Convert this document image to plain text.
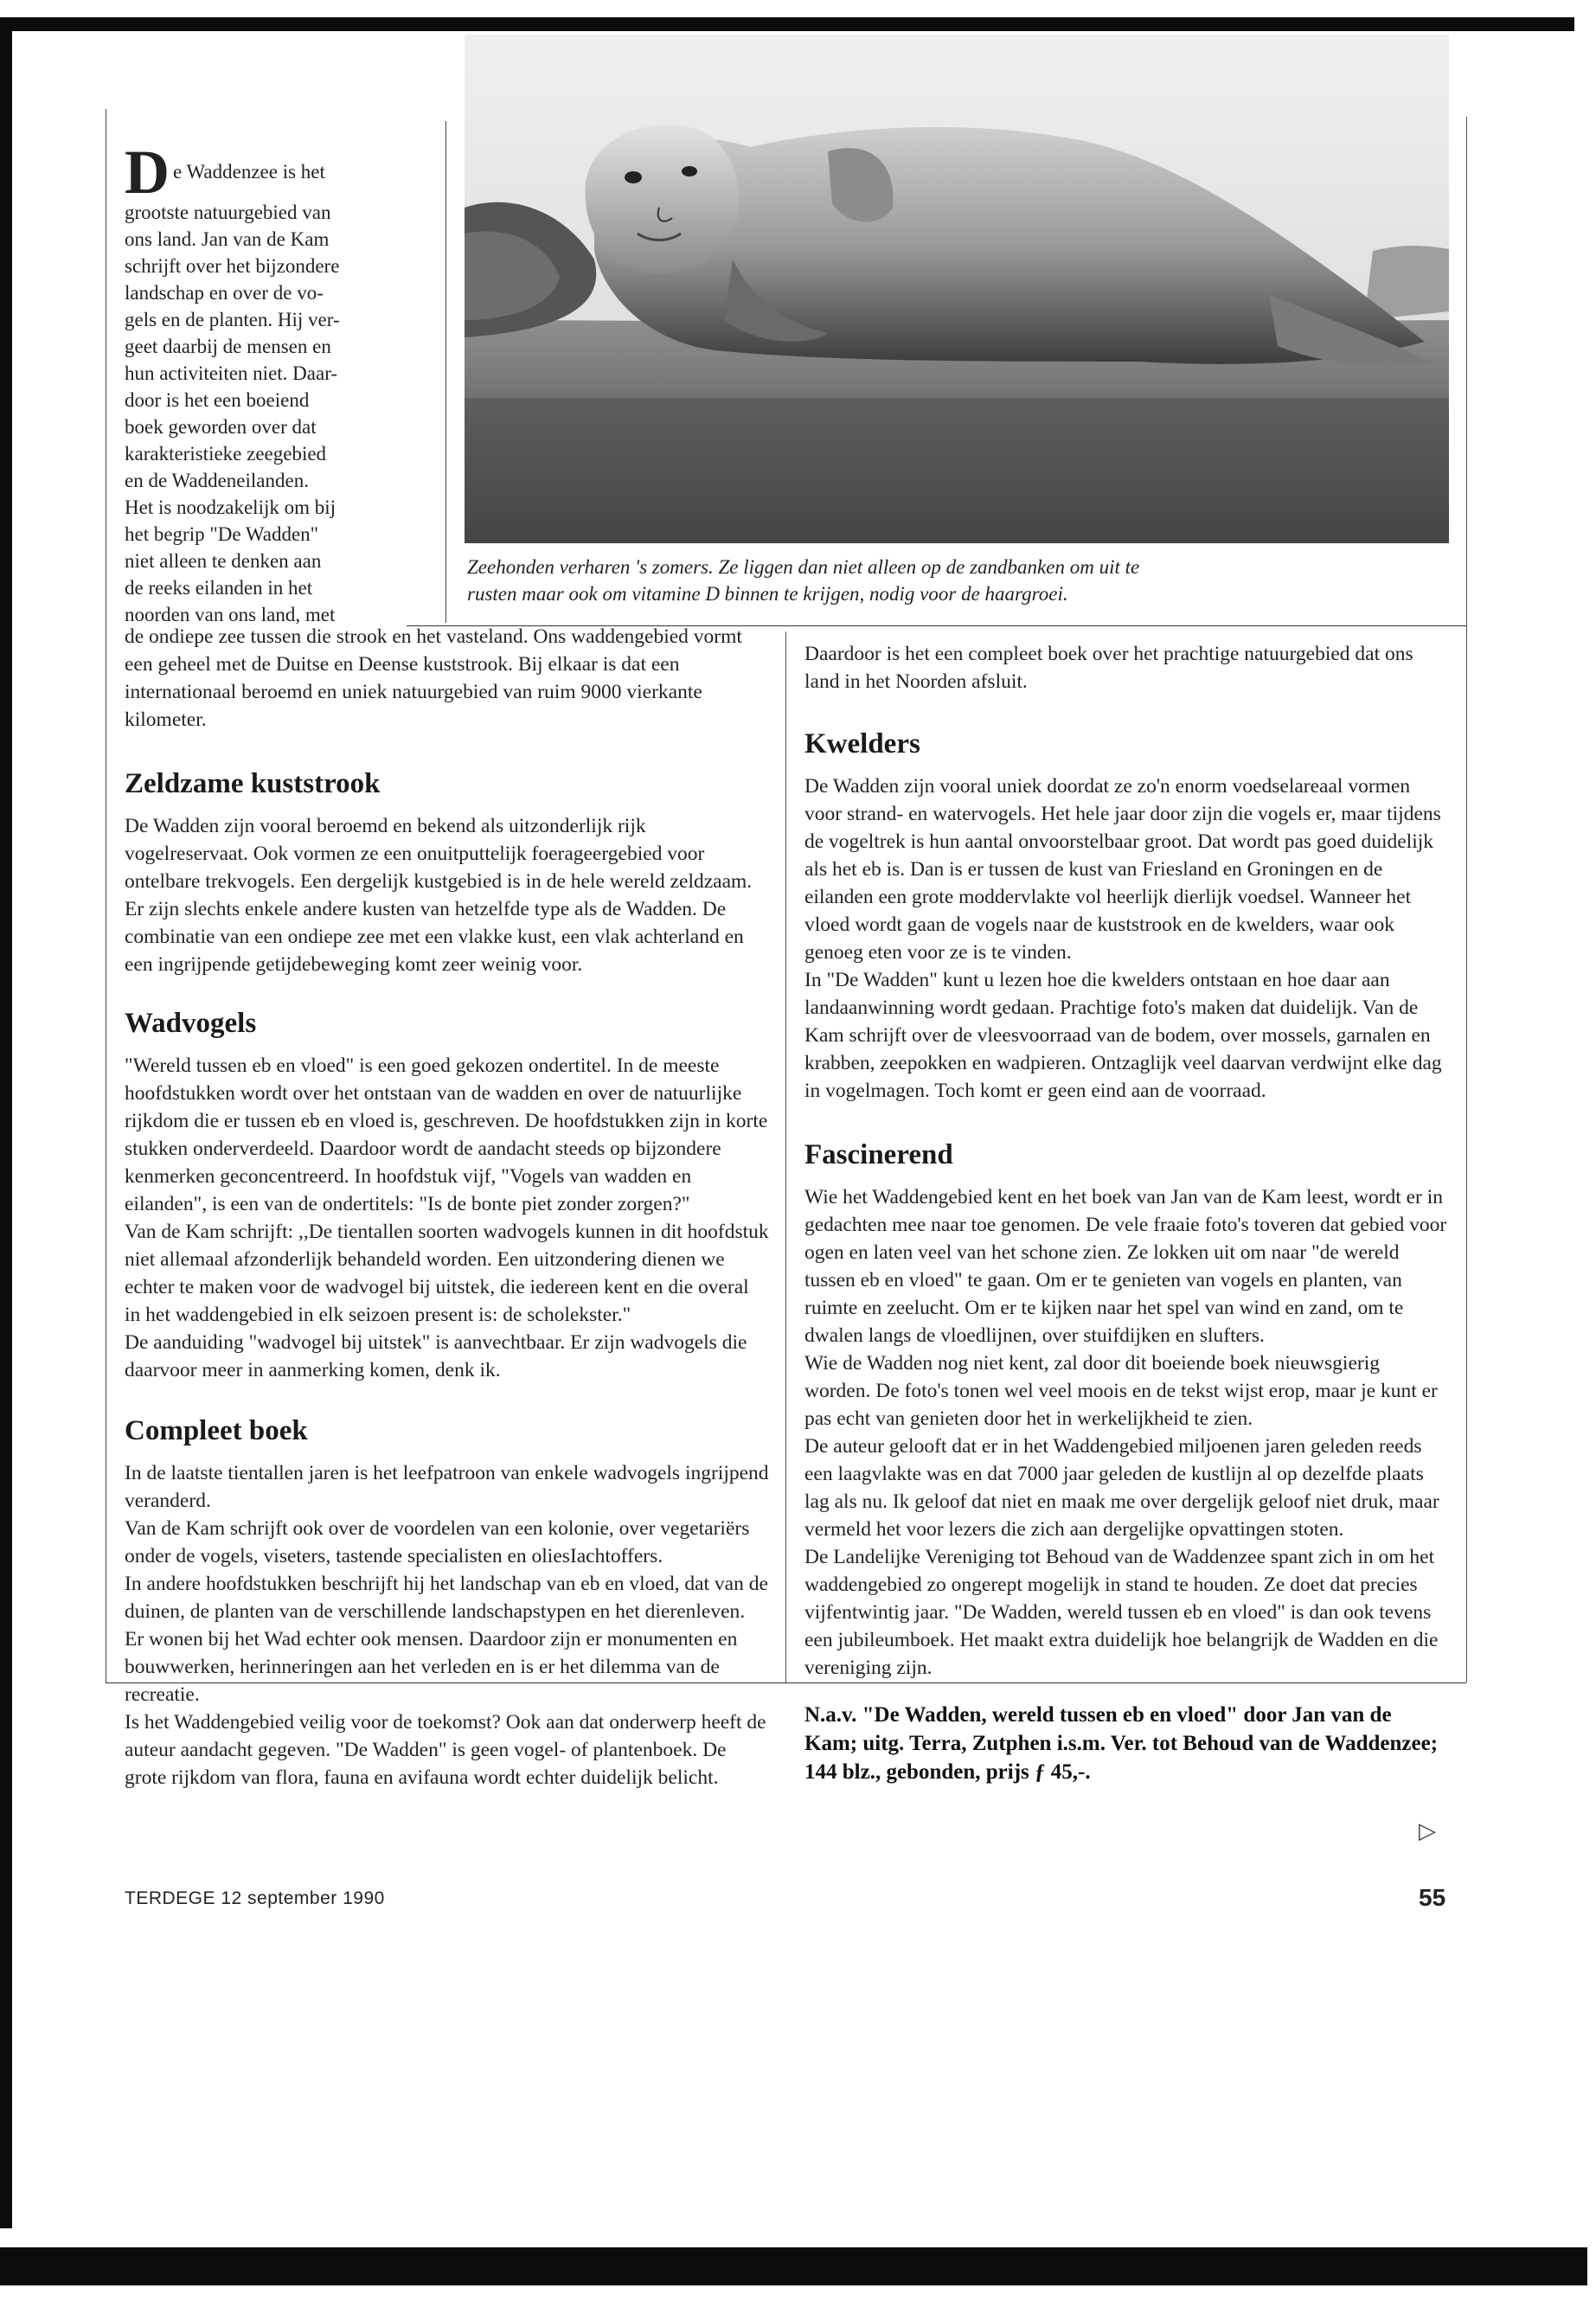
Zeehonden verharen 's zomers. Ze liggen dan niet alleen op de zandbanken om uit te
rusten maar ook om vitamine D binnen te krijgen, nodig voor de haargroei.
D e Waddenzee is het
grootste natuurgebied van
ons land. Jan van de Kam
schrijft over het bijzondere
landschap en over de vo-
gels en de planten. Hij ver-
geet daarbij de mensen en
hun activiteiten niet. Daar-
door is het een boeiend
boek geworden over dat
karakteristieke zeegebied
en de Waddeneilanden.
Het is noodzakelijk om bij
het begrip "De Wadden"
niet alleen te denken aan
de reeks eilanden in het
noorden van ons land, met

de ondiepe zee tussen die strook en het vasteland. Ons waddengebied vormt een geheel met de Duitse en Deense kuststrook. Bij elkaar is dat een internationaal beroemd en uniek natuurgebied van ruim 9000 vierkante kilometer.

Zeldzame kuststrook

De Wadden zijn vooral beroemd en bekend als uitzonderlijk rijk vogelreservaat. Ook vormen ze een onuitputtelijk foerageergebied voor ontelbare trekvogels. Een dergelijk kustgebied is in de hele wereld zeldzaam. Er zijn slechts enkele andere kusten van hetzelfde type als de Wadden. De combinatie van een ondiepe zee met een vlakke kust, een vlak achterland en een ingrijpende getijdebeweging komt zeer weinig voor.

Wadvogels

"Wereld tussen eb en vloed" is een goed gekozen ondertitel. In de meeste hoofdstukken wordt over het ontstaan van de wadden en over de natuurlijke rijkdom die er tussen eb en vloed is, geschreven. De hoofdstukken zijn in korte stukken onderverdeeld. Daardoor wordt de aandacht steeds op bijzondere kenmerken geconcentreerd. In hoofdstuk vijf, "Vogels van wadden en eilanden", is een van de ondertitels: "Is de bonte piet zonder zorgen?"

Van de Kam schrijft: ,,De tientallen soorten wadvogels kunnen in dit hoofdstuk niet allemaal afzonderlijk behandeld worden. Een uitzondering dienen we echter te maken voor de wadvogel bij uitstek, die iedereen kent en die overal in het waddengebied in elk seizoen present is: de scholekster."

De aanduiding "wadvogel bij uitstek" is aanvechtbaar. Er zijn wadvogels die daarvoor meer in aanmerking komen, denk ik.

Compleet boek

In de laatste tientallen jaren is het leefpatroon van enkele wadvogels ingrijpend veranderd.

Van de Kam schrijft ook over de voordelen van een kolonie, over vegetariërs onder de vogels, viseters, tastende specialisten en oliesIachtoffers.

In andere hoofdstukken beschrijft hij het landschap van eb en vloed, dat van de duinen, de planten van de verschillende landschapstypen en het dierenleven. Er wonen bij het Wad echter ook mensen. Daardoor zijn er monumenten en bouwwerken, herinneringen aan het verleden en is er het dilemma van de recreatie.

Is het Waddengebied veilig voor de toekomst? Ook aan dat onderwerp heeft de auteur aandacht gegeven. "De Wadden" is geen vogel- of plantenboek. De grote rijkdom van flora, fauna en avifauna wordt echter duidelijk belicht.

Daardoor is het een compleet boek over het prachtige natuurgebied dat ons land in het Noorden afsluit.

Kwelders

De Wadden zijn vooral uniek doordat ze zo'n enorm voedselareaal vormen voor strand- en watervogels. Het hele jaar door zijn die vogels er, maar tijdens de vogeltrek is hun aantal onvoorstelbaar groot. Dat wordt pas goed duidelijk als het eb is. Dan is er tussen de kust van Friesland en Groningen en de eilanden een grote moddervlakte vol heerlijk dierlijk voedsel. Wanneer het vloed wordt gaan de vogels naar de kuststrook en de kwelders, waar ook genoeg eten voor ze is te vinden.

In "De Wadden" kunt u lezen hoe die kwelders ontstaan en hoe daar aan landaanwinning wordt gedaan. Prachtige foto's maken dat duidelijk. Van de Kam schrijft over de vleesvoorraad van de bodem, over mossels, garnalen en krabben, zeepokken en wadpieren. Ontzaglijk veel daarvan verdwijnt elke dag in vogelmagen. Toch komt er geen eind aan de voorraad.

Fascinerend

Wie het Waddengebied kent en het boek van Jan van de Kam leest, wordt er in gedachten mee naar toe genomen. De vele fraaie foto's toveren dat gebied voor ogen en laten veel van het schone zien. Ze lokken uit om naar "de wereld tussen eb en vloed" te gaan. Om er te genieten van vogels en planten, van ruimte en zeelucht. Om er te kijken naar het spel van wind en zand, om te dwalen langs de vloedlijnen, over stuifdijken en slufters.

Wie de Wadden nog niet kent, zal door dit boeiende boek nieuwsgierig worden. De foto's tonen wel veel moois en de tekst wijst erop, maar je kunt er pas echt van genieten door het in werkelijkheid te zien.

De auteur gelooft dat er in het Waddengebied miljoenen jaren geleden reeds een laagvlakte was en dat 7000 jaar geleden de kustlijn al op dezelfde plaats lag als nu. Ik geloof dat niet en maak me over dergelijk geloof niet druk, maar vermeld het voor lezers die zich aan dergelijke opvattingen stoten.

De Landelijke Vereniging tot Behoud van de Waddenzee spant zich in om het waddengebied zo ongerept mogelijk in stand te houden. Ze doet dat precies vijfentwintig jaar. "De Wadden, wereld tussen eb en vloed" is dan ook tevens een jubileumboek. Het maakt extra duidelijk hoe belangrijk de Wadden en die vereniging zijn.

N.a.v. "De Wadden, wereld tussen eb en vloed" door Jan van de Kam; uitg. Terra, Zutphen i.s.m. Ver. tot Behoud van de Waddenzee; 144 blz., gebonden, prijs ƒ 45,-.

▷
TERDEGE 12 september 1990	55
